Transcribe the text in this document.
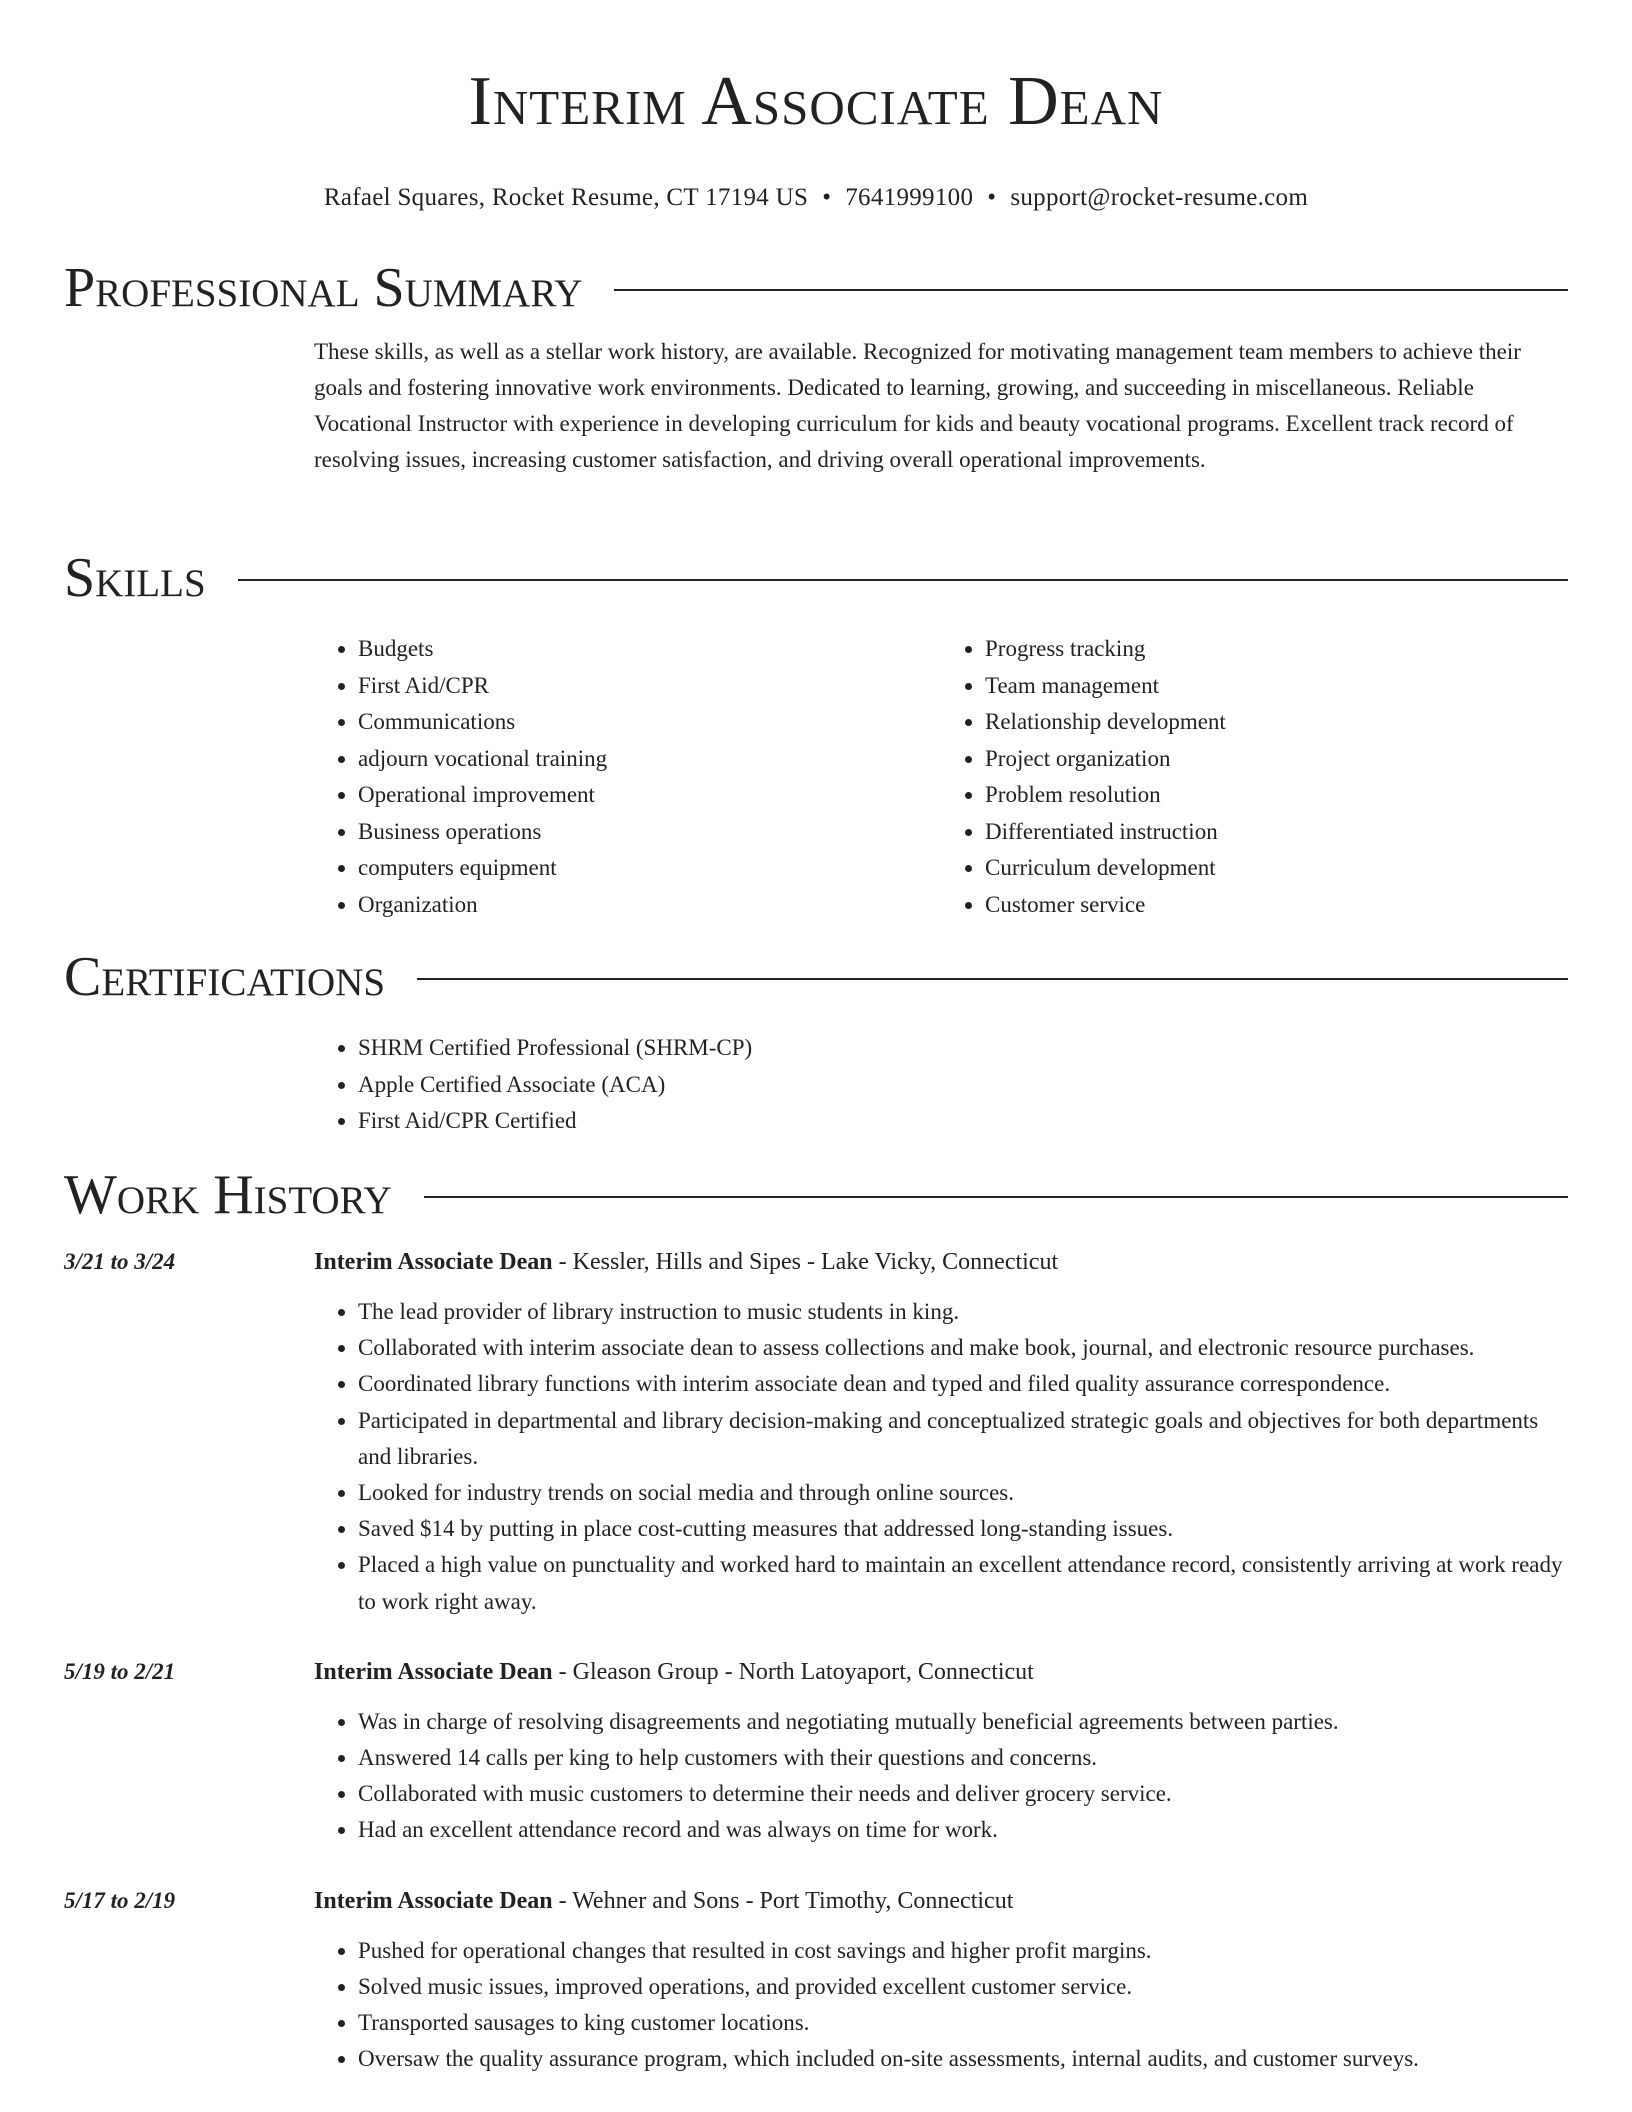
Interim Associate Dean
Rafael Squares, Rocket Resume, CT 17194 US • 7641999100 • support@rocket-resume.com
Professional Summary

These skills, as well as a stellar work history, are available. Recognized for motivating management team members to achieve their goals and fostering innovative work environments. Dedicated to learning, growing, and succeeding in miscellaneous. Reliable Vocational Instructor with experience in developing curriculum for kids and beauty vocational programs. Excellent track record of resolving issues, increasing customer satisfaction, and driving overall operational improvements.

Skills
• Budgets
• First Aid/CPR
• Communications
• adjourn vocational training
• Operational improvement
• Business operations
• computers equipment
• Organization
• Progress tracking
• Team management
• Relationship development
• Project organization
• Problem resolution
• Differentiated instruction
• Curriculum development
• Customer service
Certifications
• SHRM Certified Professional (SHRM-CP)
• Apple Certified Associate (ACA)
• First Aid/CPR Certified
Work History
3/21 to 3/24	Interim Associate Dean - Kessler, Hills and Sipes - Lake Vicky, Connecticut
• The lead provider of library instruction to music students in king.
• Collaborated with interim associate dean to assess collections and make book, journal, and electronic resource purchases.
• Coordinated library functions with interim associate dean and typed and filed quality assurance correspondence.
• Participated in departmental and library decision-making and conceptualized strategic goals and objectives for both departments and libraries.
• Looked for industry trends on social media and through online sources.
• Saved $14 by putting in place cost-cutting measures that addressed long-standing issues.
• Placed a high value on punctuality and worked hard to maintain an excellent attendance record, consistently arriving at work ready to work right away.
5/19 to 2/21	Interim Associate Dean - Gleason Group - North Latoyaport, Connecticut
• Was in charge of resolving disagreements and negotiating mutually beneficial agreements between parties.
• Answered 14 calls per king to help customers with their questions and concerns.
• Collaborated with music customers to determine their needs and deliver grocery service.
• Had an excellent attendance record and was always on time for work.
5/17 to 2/19	Interim Associate Dean - Wehner and Sons - Port Timothy, Connecticut
• Pushed for operational changes that resulted in cost savings and higher profit margins.
• Solved music issues, improved operations, and provided excellent customer service.
• Transported sausages to king customer locations.
• Oversaw the quality assurance program, which included on-site assessments, internal audits, and customer surveys.
